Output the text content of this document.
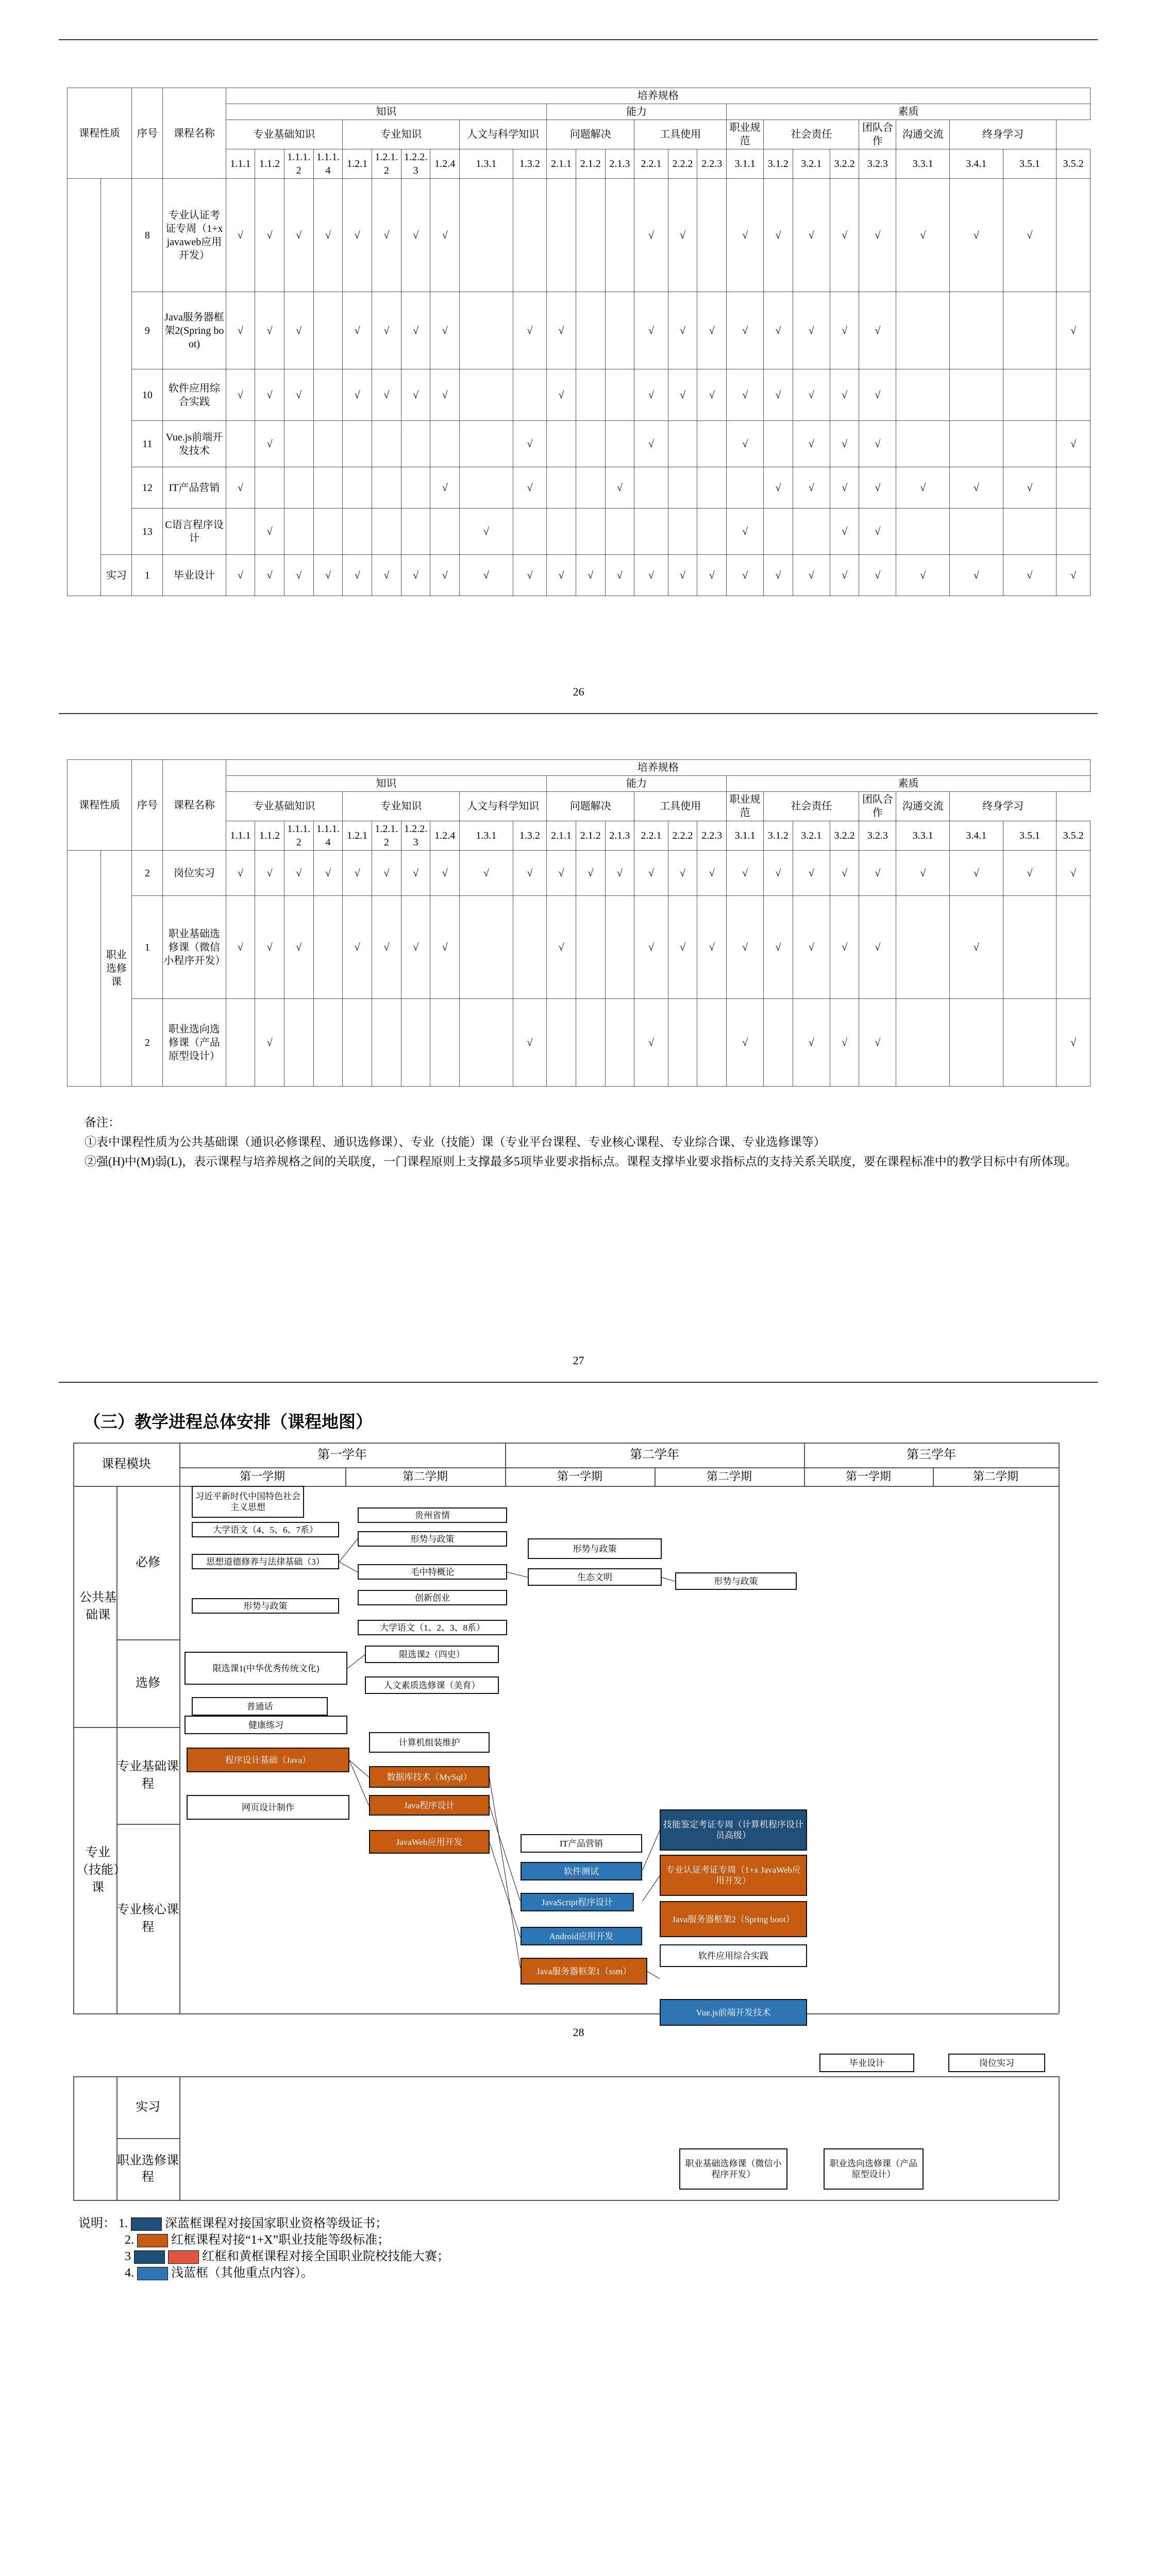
课程性质		序号	课程名称	培养规格																								
				知识										能力						素质								
				专业基础知识				专业知识				人文与科学知识		问题解决			工具使用			职业规范	社会责任			团队合作	沟通交流	终身学习		
				1.1.1	1.1.2	1.1.1.2	1.1.1.4	1.2.1	1.2.1.2	1.2.2.3	1.2.4	1.3.1	1.3.2	2.1.1	2.1.2	2.1.3	2.2.1	2.2.2	2.2.3	3.1.1	3.1.2	3.2.1	3.2.2	3.2.3	3.3.1	3.4.1	3.5.1	3.5.2
		8	专业认证考证专周（1+x javaweb应用开发）	√	√	√	√	√	√	√	√						√	√		√	√	√	√	√	√	√	√	
		9	Java服务器框架2(Spring boot)	√	√	√		√	√	√	√		√	√			√	√	√	√	√	√	√	√				√
		10	软件应用综合实践	√	√	√		√	√	√	√			√			√	√	√	√	√	√	√	√				
		11	Vue.js前端开发技术		√								√				√			√		√	√	√				√
		12	IT产品营销	√							√		√			√					√	√	√	√	√	√	√	
		13	C语言程序设计		√							√								√			√	√				
	实习	1	毕业设计	√	√	√	√	√	√	√	√	√	√	√	√	√	√	√	√	√	√	√	√	√	√	√	√	√
26
课程性质		序号	课程名称	培养规格																								
				知识										能力						素质								
				专业基础知识				专业知识				人文与科学知识		问题解决			工具使用			职业规范	社会责任			团队合作	沟通交流	终身学习		
				1.1.1	1.1.2	1.1.1.2	1.1.1.4	1.2.1	1.2.1.2	1.2.2.3	1.2.4	1.3.1	1.3.2	2.1.1	2.1.2	2.1.3	2.2.1	2.2.2	2.2.3	3.1.1	3.1.2	3.2.1	3.2.2	3.2.3	3.3.1	3.4.1	3.5.1	3.5.2
	职业选修课	2	岗位实习	√	√	√	√	√	√	√	√	√	√	√	√	√	√	√	√	√	√	√	√	√	√	√	√	√
		1	职业基础选修课（微信小程序开发）	√	√	√		√	√	√	√			√			√	√	√	√	√	√	√	√		√		
		2	职业选向选修课（产品原型设计）		√								√				√			√		√	√	√				√
备注：
①表中课程性质为公共基础课（通识必修课程、通识选修课）、专业（技能）课（专业平台课程、专业核心课程、专业综合课、专业选修课等）
②强(H)中(M)弱(L)，表示课程与培养规格之间的关联度，一门课程原则上支撑最多5项毕业要求指标点。课程支撑毕业要求指标点的支持关系关联度，要在课程标准中的教学目标中有所体现。
27
（三）教学进程总体安排（课程地图）
28
说明： 1.	深蓝框课程对接国家职业资格等级证书；
2.	红框课程对接“1+X”职业技能等级标准；
3	红框和黄框课程对接全国职业院校技能大赛；
4.	浅蓝框（其他重点内容）。
课程模块
第一学年	第二学年	第三学年
第一学期	第二学期	第一学期	第二学期	第一学期	第二学期
公共基础课
必修
选修
专业（技能）课
专业基础课程
专业核心课程
实习
职业选修课程
习近平新时代中国特色社会主义思想
大学语文（4、5、6、7系）
思想道德修养与法律基础（3）
形势与政策
贵州省情
形势与政策
毛中特概论
创新创业
大学语文（1、2、3、8系）
形势与政策
生态文明	形势与政策
限选课1(中华优秀传统文化)
限选课2（四史）
人文素质选修课（美育）
普通话
健康练习
计算机组装维护
程序设计基础（Java）
数据库技术（MySql）
Java程序设计
网页设计制作
JavaWeb应用开发	IT产品营销
软件测试
JavaScript程序设计
Android应用开发
Java服务器框架1（ssm）
技能鉴定考证专周（计算机程序设计员高级）
专业认证考证专周（1+x JavaWeb应用开发）
Java服务器框架2（Spring boot）
软件应用综合实践
Vue.js前端开发技术
毕业设计	岗位实习
职业基础选修课（微信小程序开发）
职业选向选修课（产品原型设计）
